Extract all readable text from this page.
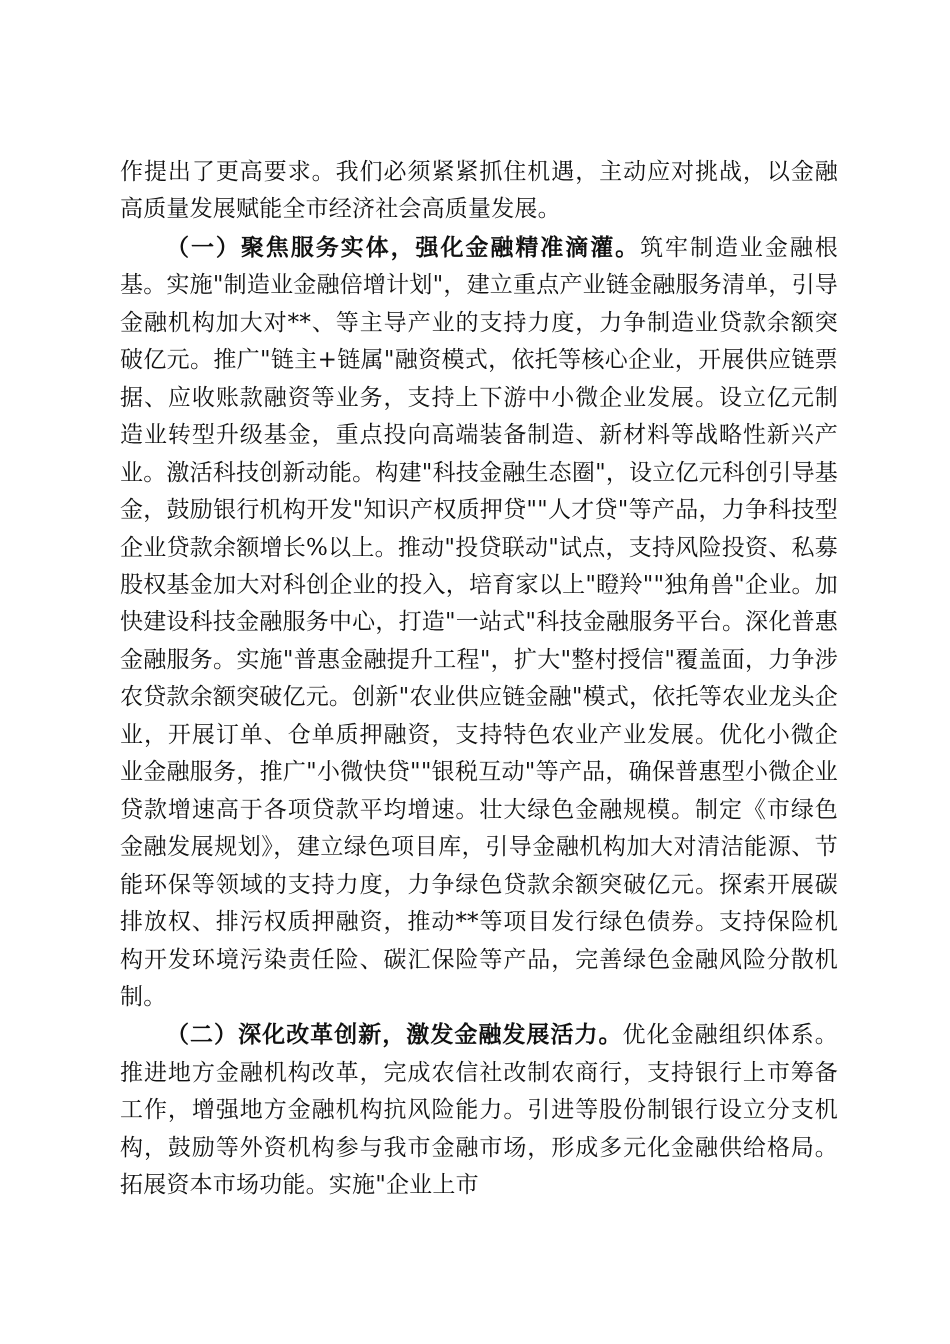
作提出了更高要求。我们必须紧紧抓住机遇，主动应对挑战，以金融高质量发展赋能全市经济社会高质量发展。

（一）聚焦服务实体，强化金融精准滴灌。筑牢制造业金融根基。实施"制造业金融倍增计划"，建立重点产业链金融服务清单，引导金融机构加大对**、等主导产业的支持力度，力争制造业贷款余额突破亿元。推广"链主+链属"融资模式，依托等核心企业，开展供应链票据、应收账款融资等业务，支持上下游中小微企业发展。设立亿元制造业转型升级基金，重点投向高端装备制造、新材料等战略性新兴产业。激活科技创新动能。构建"科技金融生态圈"，设立亿元科创引导基金，鼓励银行机构开发"知识产权质押贷""人才贷"等产品，力争科技型企业贷款余额增长%以上。推动"投贷联动"试点，支持风险投资、私募股权基金加大对科创企业的投入，培育家以上"瞪羚""独角兽"企业。加快建设科技金融服务中心，打造"一站式"科技金融服务平台。深化普惠金融服务。实施"普惠金融提升工程"，扩大"整村授信"覆盖面，力争涉农贷款余额突破亿元。创新"农业供应链金融"模式，依托等农业龙头企业，开展订单、仓单质押融资，支持特色农业产业发展。优化小微企业金融服务，推广"小微快贷""银税互动"等产品，确保普惠型小微企业贷款增速高于各项贷款平均增速。壮大绿色金融规模。制定《市绿色金融发展规划》，建立绿色项目库，引导金融机构加大对清洁能源、节能环保等领域的支持力度，力争绿色贷款余额突破亿元。探索开展碳排放权、排污权质押融资，推动**等项目发行绿色债券。支持保险机构开发环境污染责任险、碳汇保险等产品，完善绿色金融风险分散机制。

（二）深化改革创新，激发金融发展活力。优化金融组织体系。推进地方金融机构改革，完成农信社改制农商行，支持银行上市筹备工作，增强地方金融机构抗风险能力。引进等股份制银行设立分支机构，鼓励等外资机构参与我市金融市场，形成多元化金融供给格局。拓展资本市场功能。实施"企业上市
